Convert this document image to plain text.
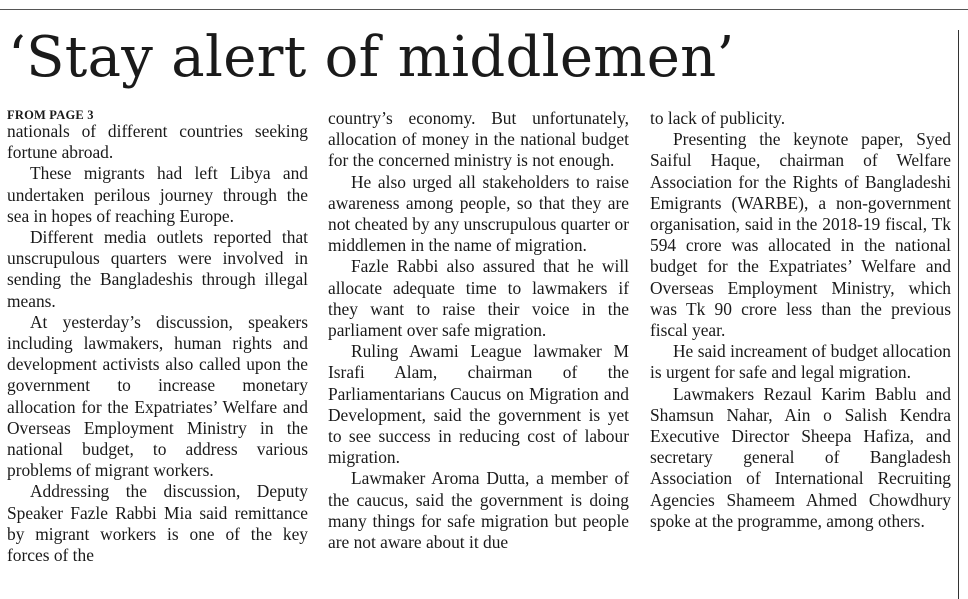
‘Stay alert of middlemen’
FROM PAGE 3

nationals of different countries seeking fortune abroad.

These migrants had left Libya and undertaken perilous journey through the sea in hopes of reaching Europe.

Different media outlets reported that unscrupulous quarters were involved in sending the Bangladeshis through illegal means.

At yesterday’s discussion, speakers including lawmakers, human rights and development activists also called upon the government to increase monetary allocation for the Expatriates’ Welfare and Overseas Employment Ministry in the national budget, to address various problems of migrant workers.

Addressing the discussion, Deputy Speaker Fazle Rabbi Mia said remittance by migrant workers is one of the key forces of the

country’s economy. But unfortunately, allocation of money in the national budget for the concerned ministry is not enough.

He also urged all stakeholders to raise awareness among people, so that they are not cheated by any unscrupulous quarter or middlemen in the name of migration.

Fazle Rabbi also assured that he will allocate adequate time to lawmakers if they want to raise their voice in the parliament over safe migration.

Ruling Awami League lawmaker M Israfi Alam, chairman of the Parliamentarians Caucus on Migration and Development, said the government is yet to see success in reducing cost of labour migration.

Lawmaker Aroma Dutta, a member of the caucus, said the government is doing many things for safe migration but people are not aware about it due

to lack of publicity.

Presenting the keynote paper, Syed Saiful Haque, chairman of Welfare Association for the Rights of Bangladeshi Emigrants (WARBE), a non-government organisation, said in the 2018-19 fiscal, Tk 594 crore was allocated in the national budget for the Expatriates’ Welfare and Overseas Employment Ministry, which was Tk 90 crore less than the previous fiscal year.

He said increament of budget allocation is urgent for safe and legal migration.

Lawmakers Rezaul Karim Bablu and Shamsun Nahar, Ain o Salish Kendra Executive Director Sheepa Hafiza, and secretary general of Bangladesh Association of International Recruiting Agencies Shameem Ahmed Chowdhury spoke at the programme, among others.
